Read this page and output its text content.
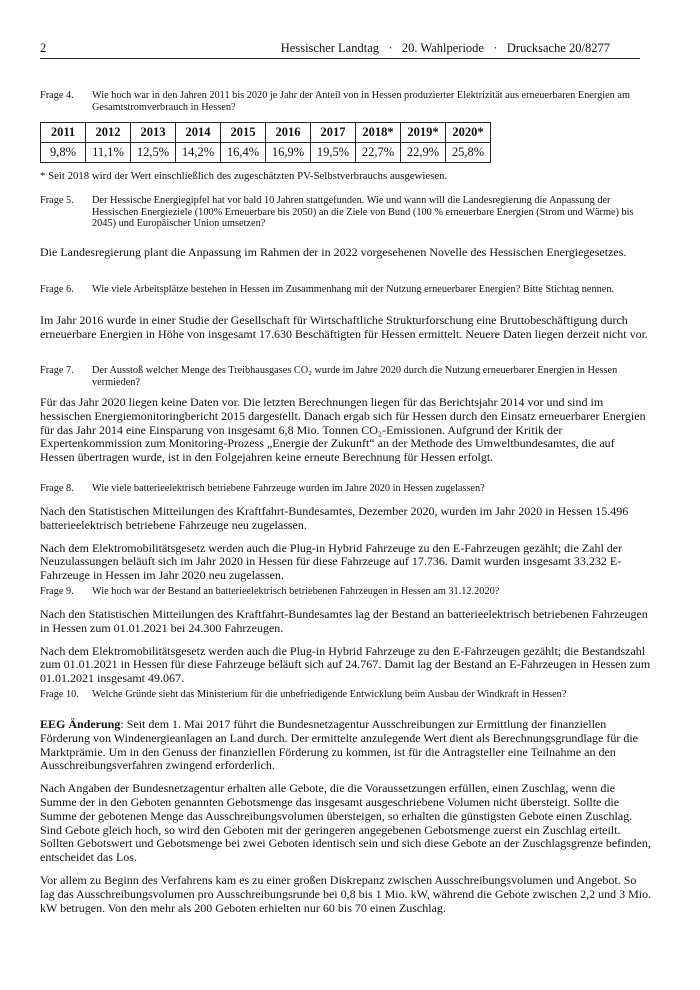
2	Hessischer Landtag   ·   20. Wahlperiode   ·   Drucksache 20/8277
Frage 4.	Wie hoch war in den Jahren 2011 bis 2020 je Jahr der Anteil von in Hessen produzierter Elektrizität aus erneuerbaren Energien am Gesamtstromverbrauch in Hessen?
2011	2012	2013	2014	2015	2016	2017	2018*	2019*	2020*
9,8%	11,1%	12,5%	14,2%	16,4%	16,9%	19,5%	22,7%	22,9%	25,8%
* Seit 2018 wird der Wert einschließlich des zugeschätzten PV-Selbstverbrauchs ausgewiesen.
Frage 5.	Der Hessische Energiegipfel hat vor bald 10 Jahren stattgefunden. Wie und wann will die Landesregierung die Anpassung der Hessischen Energieziele (100% Erneuerbare bis 2050) an die Ziele von Bund (100 % erneuerbare Energien (Strom und Wärme) bis 2045) und Europäischer Union umsetzen?

Die Landesregierung plant die Anpassung im Rahmen der in 2022 vorgesehenen Novelle des Hessischen Energiegesetzes.

Frage 6.	Wie viele Arbeitsplätze bestehen in Hessen im Zusammenhang mit der Nutzung erneuerbarer Energien? Bitte Stichtag nennen.

Im Jahr 2016 wurde in einer Studie der Gesellschaft für Wirtschaftliche Strukturforschung eine Bruttobeschäftigung durch erneuerbare Energien in Höhe von insgesamt 17.630 Beschäftigten für Hessen ermittelt. Neuere Daten liegen derzeit nicht vor.

Frage 7.	Der Ausstoß welcher Menge des Treibhausgases CO₂ wurde im Jahre 2020 durch die Nutzung erneuerbarer Energien in Hessen vermieden?

Für das Jahr 2020 liegen keine Daten vor. Die letzten Berechnungen liegen für das Berichtsjahr 2014 vor und sind im hessischen Energiemonitoringbericht 2015 dargestellt. Danach ergab sich für Hessen durch den Einsatz erneuerbarer Energien für das Jahr 2014 eine Einsparung von insgesamt 6,8 Mio. Tonnen CO₂-Emissionen. Aufgrund der Kritik der Expertenkommission zum Monitoring-Prozess „Energie der Zukunft“ an der Methode des Umweltbundesamtes, die auf Hessen übertragen wurde, ist in den Folgejahren keine erneute Berechnung für Hessen erfolgt.

Frage 8.	Wie viele batterieelektrisch betriebene Fahrzeuge wurden im Jahre 2020 in Hessen zugelassen?

Nach den Statistischen Mitteilungen des Kraftfahrt-Bundesamtes, Dezember 2020, wurden im Jahr 2020 in Hessen 15.496 batterieelektrisch betriebene Fahrzeuge neu zugelassen.

Nach dem Elektromobilitätsgesetz werden auch die Plug-in Hybrid Fahrzeuge zu den E-Fahrzeugen gezählt; die Zahl der Neuzulassungen beläuft sich im Jahr 2020 in Hessen für diese Fahrzeuge auf 17.736. Damit wurden insgesamt 33.232 E-Fahrzeuge in Hessen im Jahr 2020 neu zugelassen.

Frage 9.	Wie hoch war der Bestand an batterieelektrisch betriebenen Fahrzeugen in Hessen am 31.12.2020?

Nach den Statistischen Mitteilungen des Kraftfahrt-Bundesamtes lag der Bestand an batterieelektrisch betriebenen Fahrzeugen in Hessen zum 01.01.2021 bei 24.300 Fahrzeugen.

Nach dem Elektromobilitätsgesetz werden auch die Plug-in Hybrid Fahrzeuge zu den E-Fahrzeugen gezählt; die Bestandszahl zum 01.01.2021 in Hessen für diese Fahrzeuge beläuft sich auf 24.767. Damit lag der Bestand an E-Fahrzeugen in Hessen zum 01.01.2021 insgesamt 49.067.

Frage 10.	Welche Gründe sieht das Ministerium für die unbefriedigende Entwicklung beim Ausbau der Windkraft in Hessen?

EEG Änderung: Seit dem 1. Mai 2017 führt die Bundesnetzagentur Ausschreibungen zur Ermittlung der finanziellen Förderung von Windenergieanlagen an Land durch. Der ermittelte anzulegende Wert dient als Berechnungsgrundlage für die Marktprämie. Um in den Genuss der finanziellen Förderung zu kommen, ist für die Antragsteller eine Teilnahme an den Ausschreibungsverfahren zwingend erforderlich.

Nach Angaben der Bundesnetzagentur erhalten alle Gebote, die die Voraussetzungen erfüllen, einen Zuschlag, wenn die Summe der in den Geboten genannten Gebotsmenge das insgesamt ausgeschriebene Volumen nicht übersteigt. Sollte die Summe der gebotenen Menge das Ausschreibungsvolumen übersteigen, so erhalten die günstigsten Gebote einen Zuschlag. Sind Gebote gleich hoch, so wird den Geboten mit der geringeren angegebenen Gebotsmenge zuerst ein Zuschlag erteilt. Sollten Gebotswert und Gebotsmenge bei zwei Geboten identisch sein und sich diese Gebote an der Zuschlagsgrenze befinden, entscheidet das Los.

Vor allem zu Beginn des Verfahrens kam es zu einer großen Diskrepanz zwischen Ausschreibungsvolumen und Angebot. So lag das Ausschreibungsvolumen pro Ausschreibungsrunde bei 0,8 bis 1 Mio. kW, während die Gebote zwischen 2,2 und 3 Mio. kW betrugen. Von den mehr als 200 Geboten erhielten nur 60 bis 70 einen Zuschlag.
